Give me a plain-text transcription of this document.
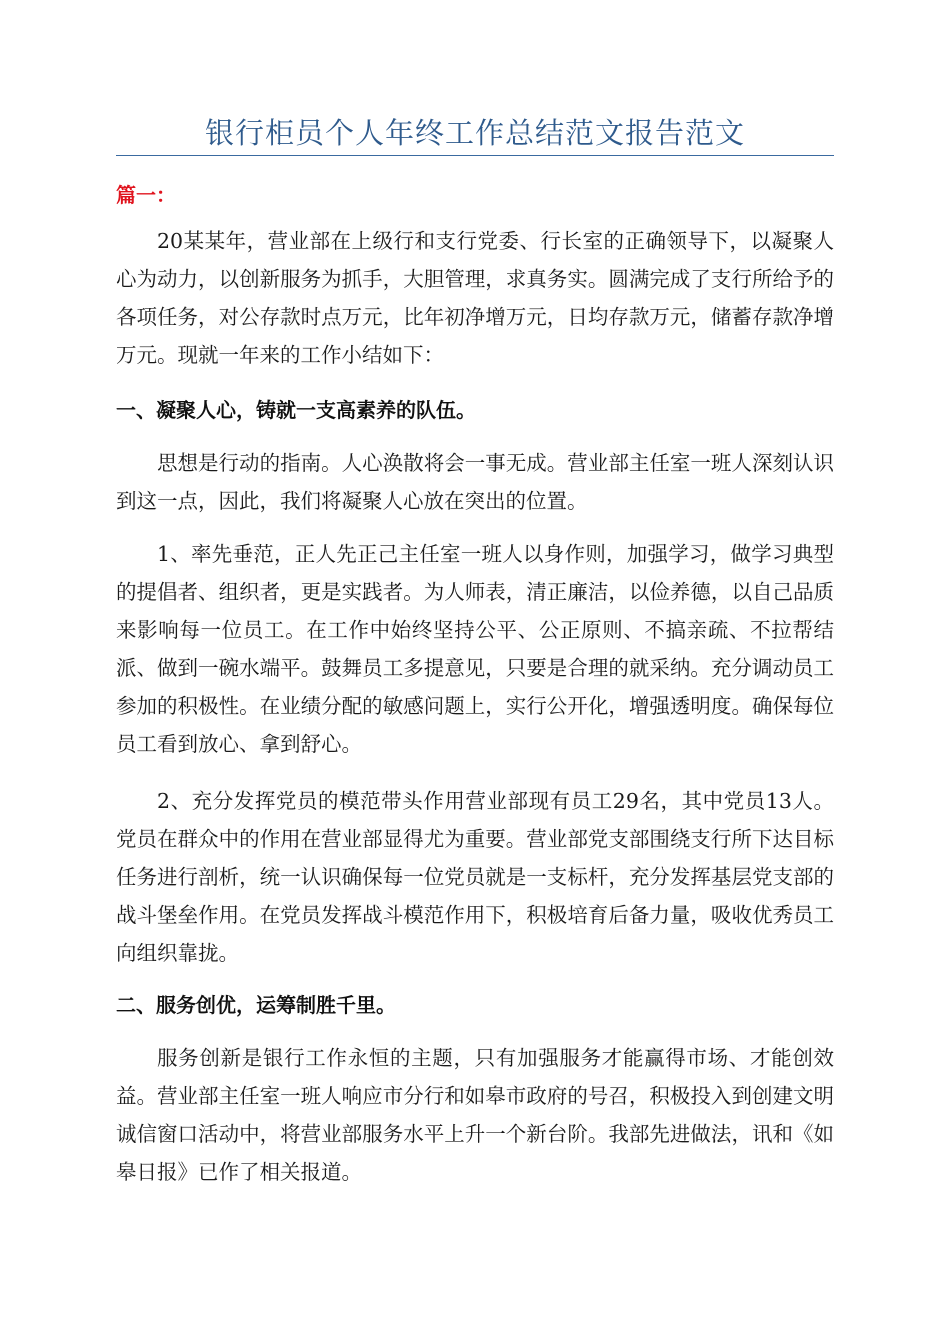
银行柜员个人年终工作总结范文报告范文
篇一：

20某某年，营业部在上级行和支行党委、行长室的正确领导下，以凝聚人心为动力，以创新服务为抓手，大胆管理，求真务实。圆满完成了支行所给予的各项任务，对公存款时点万元，比年初净增万元，日均存款万元，储蓄存款净增万元。现就一年来的工作小结如下：

一、凝聚人心，铸就一支高素养的队伍。

思想是行动的指南。人心涣散将会一事无成。营业部主任室一班人深刻认识到这一点，因此，我们将凝聚人心放在突出的位置。

1、率先垂范，正人先正己主任室一班人以身作则，加强学习，做学习典型的提倡者、组织者，更是实践者。为人师表，清正廉洁，以俭养德，以自己品质来影响每一位员工。在工作中始终坚持公平、公正原则、不搞亲疏、不拉帮结派、做到一碗水端平。鼓舞员工多提意见，只要是合理的就采纳。充分调动员工参加的积极性。在业绩分配的敏感问题上，实行公开化，增强透明度。确保每位员工看到放心、拿到舒心。

2、充分发挥党员的模范带头作用营业部现有员工29名，其中党员13人。党员在群众中的作用在营业部显得尤为重要。营业部党支部围绕支行所下达目标任务进行剖析，统一认识确保每一位党员就是一支标杆，充分发挥基层党支部的战斗堡垒作用。在党员发挥战斗模范作用下，积极培育后备力量，吸收优秀员工向组织靠拢。

二、服务创优，运筹制胜千里。

服务创新是银行工作永恒的主题，只有加强服务才能赢得市场、才能创效益。营业部主任室一班人响应市分行和如皋市政府的号召，积极投入到创建文明诚信窗口活动中，将营业部服务水平上升一个新台阶。我部先进做法，讯和《如皋日报》已作了相关报道。
